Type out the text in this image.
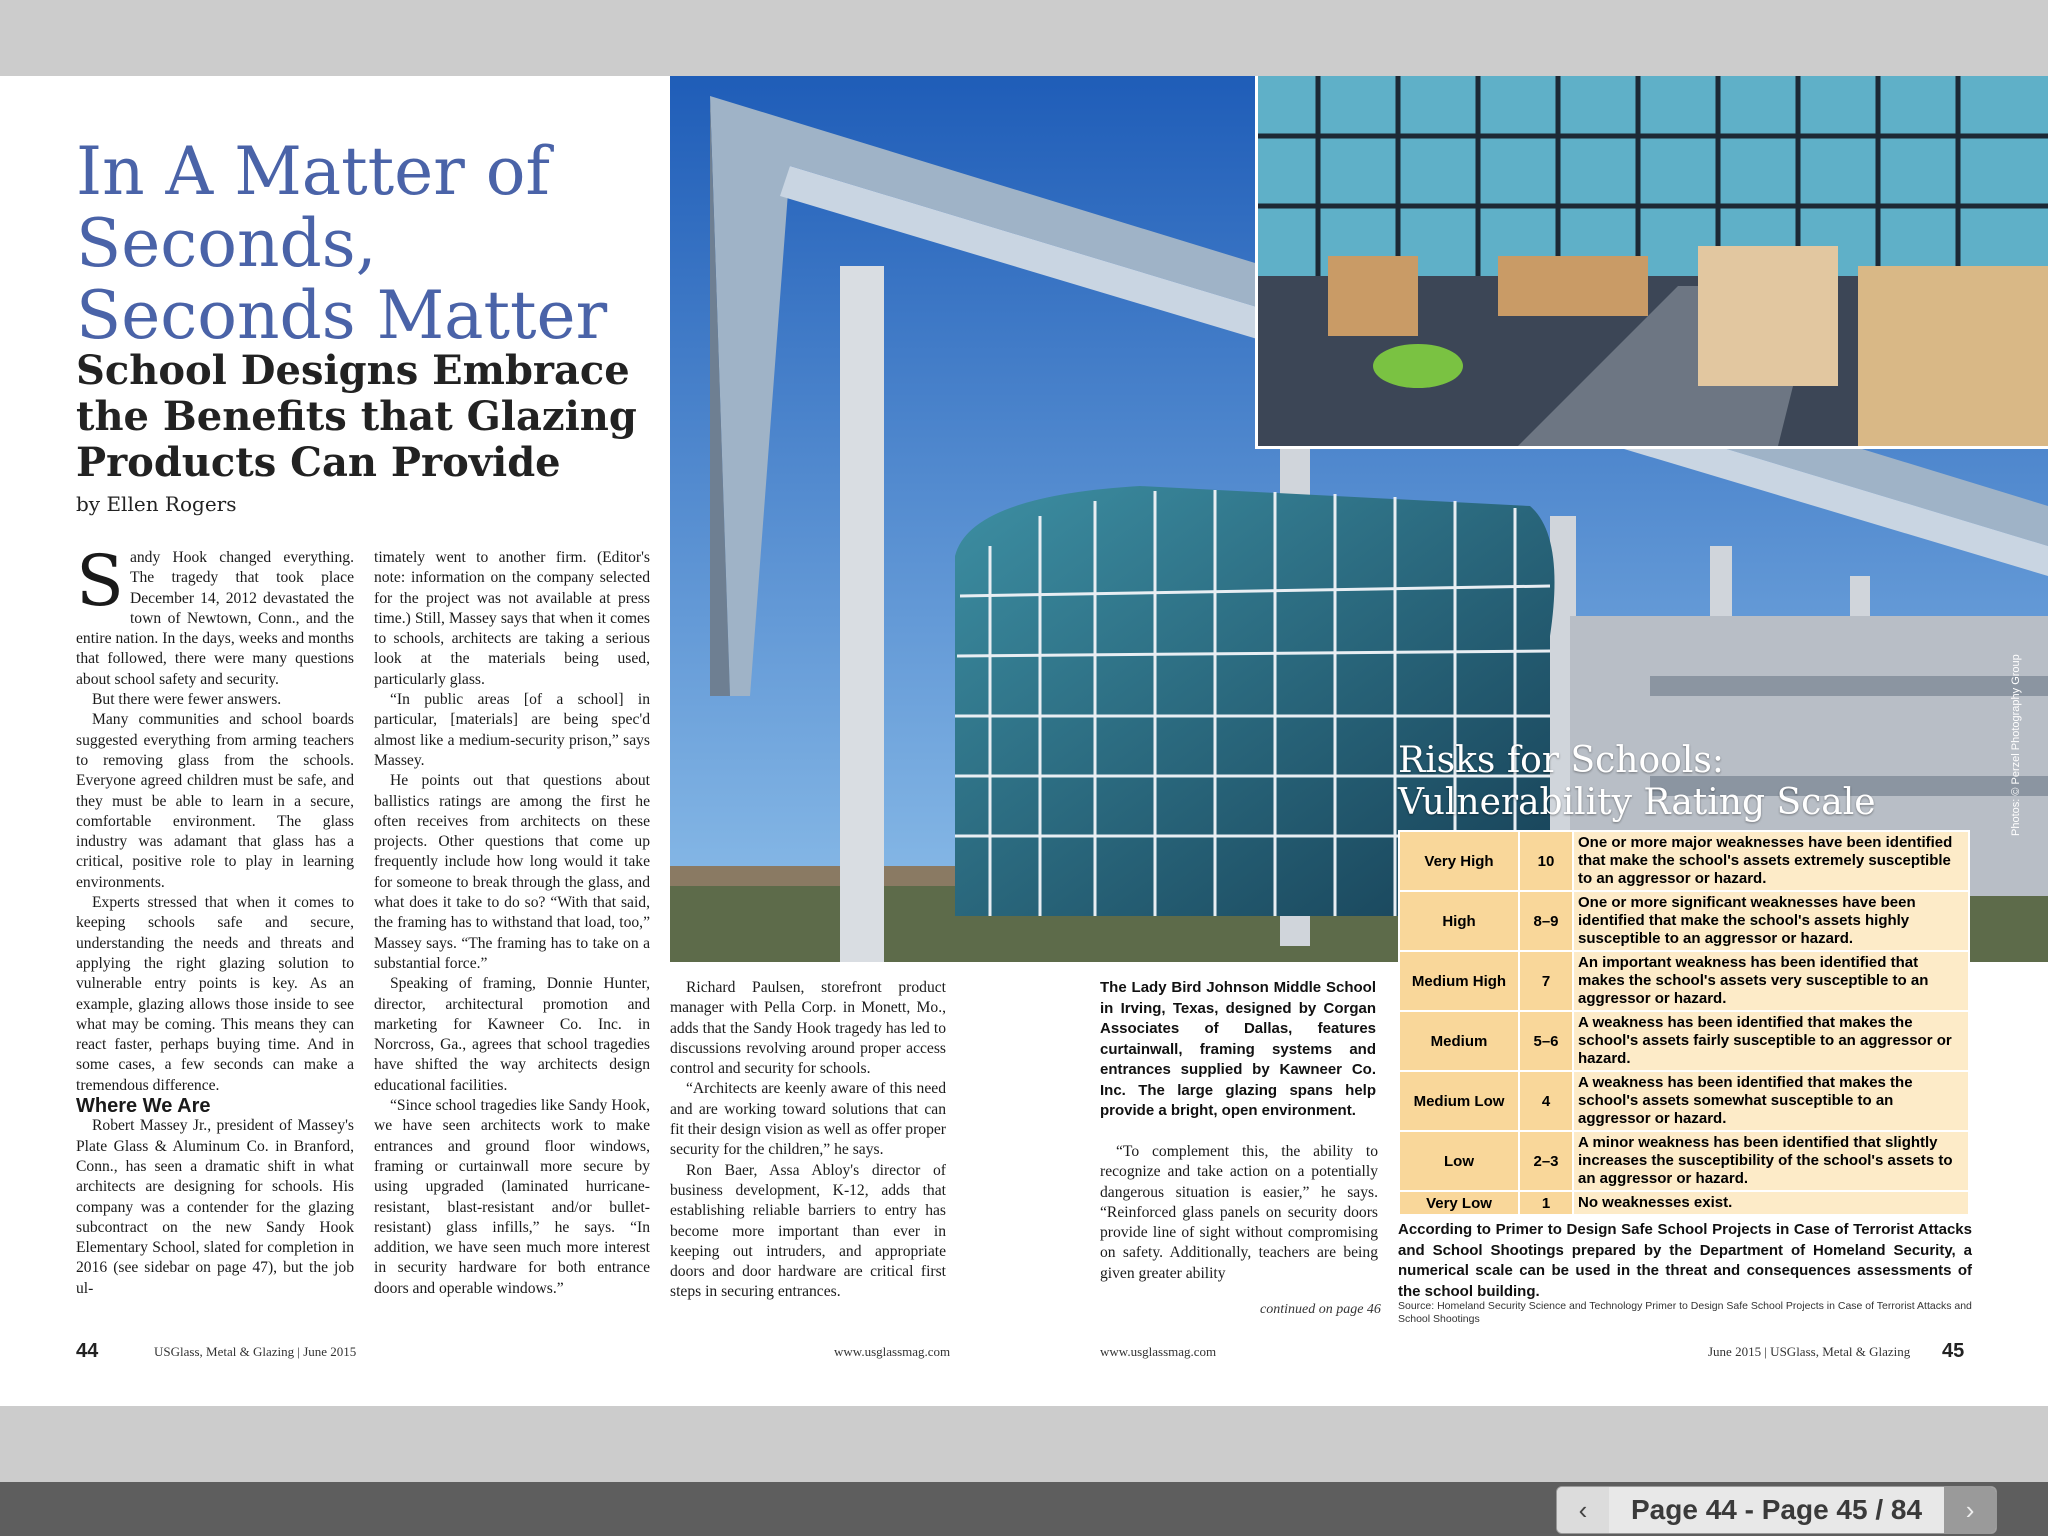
In A Matter of Seconds, Seconds Matter
School Designs Embrace the Benefits that Glazing Products Can Provide
by Ellen Rogers

Sandy Hook changed everything. The tragedy that took place December 14, 2012 devastated the town of Newtown, Conn., and the entire nation. In the days, weeks and months that followed, there were many questions about school safety and security.

But there were fewer answers.

Many communities and school boards suggested everything from arming teachers to removing glass from the schools. Everyone agreed children must be safe, and they must be able to learn in a secure, comfortable environment. The glass industry was adamant that glass has a critical, positive role to play in learning environments.

Experts stressed that when it comes to keeping schools safe and secure, understanding the needs and threats and applying the right glazing solution to vulnerable entry points is key. As an example, glazing allows those inside to see what may be coming. This means they can react faster, perhaps buying time. And in some cases, a few seconds can make a tremendous difference.

Where We Are

Robert Massey Jr., president of Massey's Plate Glass & Aluminum Co. in Branford, Conn., has seen a dramatic shift in what architects are designing for schools. His company was a contender for the glazing subcontract on the new Sandy Hook Elementary School, slated for completion in 2016 (see sidebar on page 47), but the job ul-

timately went to another firm. (Editor's note: information on the company selected for the project was not available at press time.) Still, Massey says that when it comes to schools, architects are taking a serious look at the materials being used, particularly glass.

“In public areas [of a school] in particular, [materials] are being spec'd almost like a medium-security prison,” says Massey.

He points out that questions about ballistics ratings are among the first he often receives from architects on these projects. Other questions that come up frequently include how long would it take for someone to break through the glass, and what does it take to do so? “With that said, the framing has to withstand that load, too,” Massey says. “The framing has to take on a substantial force.”

Speaking of framing, Donnie Hunter, director, architectural promotion and marketing for Kawneer Co. Inc. in Norcross, Ga., agrees that school tragedies have shifted the way architects design educational facilities.

“Since school tragedies like Sandy Hook, we have seen architects work to make entrances and ground floor windows, framing or curtainwall more secure by using upgraded (laminated hurricane-resistant, blast-resistant and/or bullet-resistant) glass infills,” he says. “In addition, we have seen much more interest in security hardware for both entrance doors and operable windows.”

Photos: © Perzel Photography Group

Richard Paulsen, storefront product manager with Pella Corp. in Monett, Mo., adds that the Sandy Hook tragedy has led to discussions revolving around proper access control and security for schools.

“Architects are keenly aware of this need and are working toward solutions that can fit their design vision as well as offer proper security for the children,” he says.

Ron Baer, Assa Abloy's director of business development, K-12, adds that establishing reliable barriers to entry has become more important than ever in keeping out intruders, and appropriate doors and door hardware are critical first steps in securing entrances.

The Lady Bird Johnson Middle School in Irving, Texas, designed by Corgan Associates of Dallas, features curtainwall, framing systems and entrances supplied by Kawneer Co. Inc. The large glazing spans help provide a bright, open environment.

“To complement this, the ability to recognize and take action on a potentially dangerous situation is easier,” he says. “Reinforced glass panels on security doors provide line of sight without compromising on safety. Additionally, teachers are being given greater ability

continued on page 46
Risks for Schools:
Vulnerability Rating Scale
Very High	10	One or more major weaknesses have been identified that make the school's assets extremely susceptible to an aggressor or hazard.
High	8–9	One or more significant weaknesses have been identified that make the school's assets highly susceptible to an aggressor or hazard.
Medium High	7	An important weakness has been identified that makes the school's assets very susceptible to an aggressor or hazard.
Medium	5–6	A weakness has been identified that makes the school's assets fairly susceptible to an aggressor or hazard.
Medium Low	4	A weakness has been identified that makes the school's assets somewhat susceptible to an aggressor or hazard.
Low	2–3	A minor weakness has been identified that slightly increases the susceptibility of the school's assets to an aggressor or hazard.
Very Low	1	No weaknesses exist.
According to Primer to Design Safe School Projects in Case of Terrorist Attacks and School Shootings prepared by the Department of Homeland Security, a numerical scale can be used in the threat and consequences assessments of the school building.
Source: Homeland Security Science and Technology Primer to Design Safe School Projects in Case of Terrorist Attacks and School Shootings
44	USGlass, Metal & Glazing | June 2015	www.usglassmag.com	www.usglassmag.com	June 2015 | USGlass, Metal & Glazing 45
‹	Page 44 - Page 45 / 84	›
